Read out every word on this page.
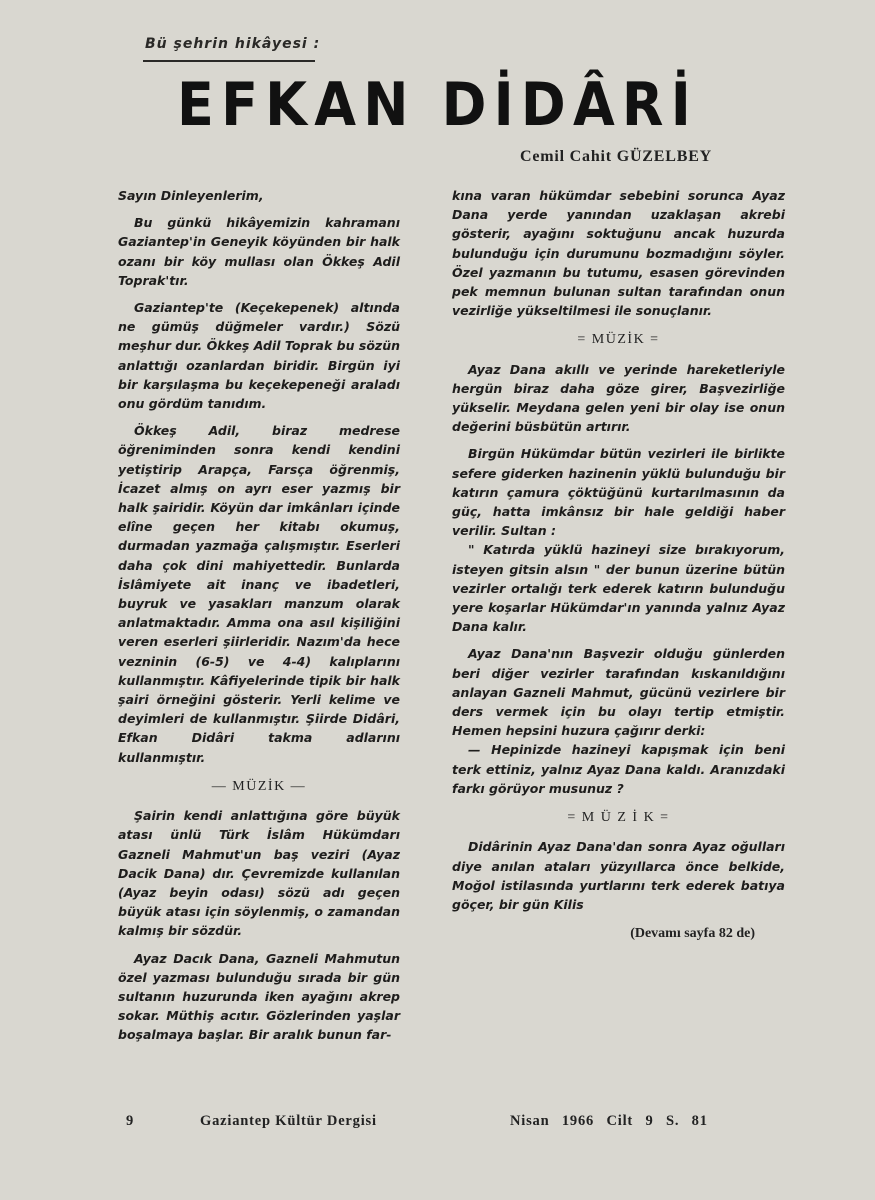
Bü şehrin hikâyesi :
EFKAN DİDÂRİ
Cemil Cahit GÜZELBEY

Sayın Dinleyenlerim,

Bu günkü hikâyemizin kahramanı Gaziantep'in Geneyik köyünden bir halk ozanı bir köy mullası olan Ökkeş Adil Toprak'tır.

Gaziantep'te (Keçekepenek) altında ne gümüş düğmeler vardır.) Sözü meşhur dur. Ökkeş Adil Toprak bu sözün anlattığı ozanlardan biridir. Birgün iyi bir karşılaşma bu keçekepeneği araladı onu gördüm tanıdım.

Ökkeş Adil, biraz medrese öğreniminden sonra kendi kendini yetiştirip Arapça, Farsça öğrenmiş, İcazet almış on ayrı eser yazmış bir halk şairidir. Köyün dar imkânları içinde elîne geçen her kitabı okumuş, durmadan yazmağa çalışmıştır. Eserleri daha çok dini mahiyettedir. Bunlarda İslâmiyete ait inanç ve ibadetleri, buyruk ve yasakları manzum olarak anlatmaktadır. Amma ona asıl kişiliğini veren eserleri şiirleridir. Nazım'da hece vezninin (6-5) ve 4-4) kalıplarını kullanmıştır. Kâfiyelerinde tipik bir halk şairi örneğini gösterir. Yerli kelime ve deyimleri de kullanmıştır. Şiirde Didâri, Efkan Didâri takma adlarını kullanmıştır.

— MÜZİK —

Şairin kendi anlattığına göre büyük atası ünlü Türk İslâm Hükümdarı Gazneli Mahmut'un baş veziri (Ayaz Dacik Dana) dır. Çevremizde kullanılan (Ayaz beyin odası) sözü adı geçen büyük atası için söylenmiş, o zamandan kalmış bir sözdür.

Ayaz Dacık Dana, Gazneli Mahmutun özel yazması bulunduğu sırada bir gün sultanın huzurunda iken ayağını akrep sokar. Müthiş acıtır. Gözlerinden yaşlar boşalmaya başlar. Bir aralık bunun far-

kına varan hükümdar sebebini sorunca Ayaz Dana yerde yanından uzaklaşan akrebi gösterir, ayağını soktuğunu ancak huzurda bulunduğu için durumunu bozmadığını söyler. Özel yazmanın bu tutumu, esasen görevinden pek memnun bulunan sultan tarafından onun vezirliğe yükseltilmesi ile sonuçlanır.

= MÜZİK =

Ayaz Dana akıllı ve yerinde hareketleriyle hergün biraz daha göze girer, Başvezirliğe yükselir. Meydana gelen yeni bir olay ise onun değerini büsbütün artırır.

Birgün Hükümdar bütün vezirleri ile birlikte sefere giderken hazinenin yüklü bulunduğu bir katırın çamura çöktüğünü kurtarılmasının da güç, hatta imkânsız bir hale geldiği haber verilir. Sultan :

" Katırda yüklü hazineyi size bırakıyorum, isteyen gitsin alsın " der bunun üzerine bütün vezirler ortalığı terk ederek katırın bulunduğu yere koşarlar Hükümdar'ın yanında yalnız Ayaz Dana kalır.

Ayaz Dana'nın Başvezir olduğu günlerden beri diğer vezirler tarafından kıskanıldığını anlayan Gazneli Mahmut, gücünü vezirlere bir ders vermek için bu olayı tertip etmiştir. Hemen hepsini huzura çağırır derki:

— Hepinizde hazineyi kapışmak için beni terk ettiniz, yalnız Ayaz Dana kaldı. Aranızdaki farkı görüyor musunuz ?

= M Ü Z İ K =

Didârinin Ayaz Dana'dan sonra Ayaz oğulları diye anılan ataları yüzyıllarca önce belkide, Moğol istilasında yurtlarını terk ederek batıya göçer, bir gün Kilis

(Devamı sayfa 82 de)
9	Gaziantep Kültür Dergisi	Nisan 1966 Cilt 9 S. 81
